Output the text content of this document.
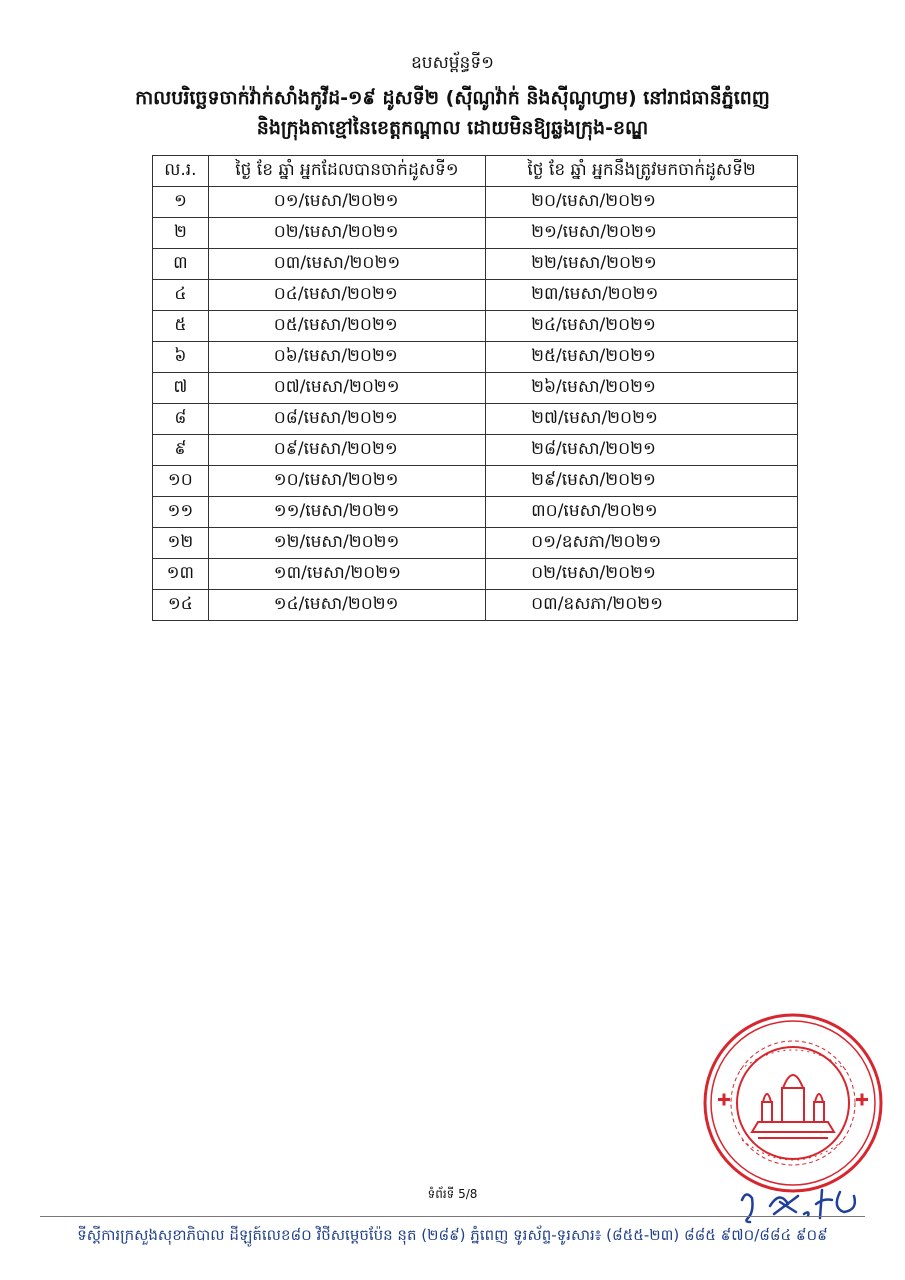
ឧបសម្ព័ន្ធទី១
កាលបរិច្ឆេទចាក់វ៉ាក់សាំងកូវីដ-១៩ ដូសទី២ (ស៊ីណូវ៉ាក់ និងស៊ីណូហ្វាម) នៅរាជធានីភ្នំពេញ
និងក្រុងតាខ្មៅនៃខេត្តកណ្ដាល ដោយមិនឱ្យឆ្លងក្រុង-ខណ្ឌ
ល.រ.	ថ្ងៃ ខែ ឆ្នាំ អ្នកដែលបានចាក់ដូសទី១	ថ្ងៃ ខែ ឆ្នាំ អ្នកនឹងត្រូវមកចាក់ដូសទី២
១	០១/មេសា/២០២១	២០/មេសា/២០២១
២	០២/មេសា/២០២១	២១/មេសា/២០២១
៣	០៣/មេសា/២០២១	២២/មេសា/២០២១
៤	០៤/មេសា/២០២១	២៣/មេសា/២០២១
៥	០៥/មេសា/២០២១	២៤/មេសា/២០២១
៦	០៦/មេសា/២០២១	២៥/មេសា/២០២១
៧	០៧/មេសា/២០២១	២៦/មេសា/២០២១
៨	០៨/មេសា/២០២១	២៧/មេសា/២០២១
៩	០៩/មេសា/២០២១	២៨/មេសា/២០២១
១០	១០/មេសា/២០២១	២៩/មេសា/២០២១
១១	១១/មេសា/២០២១	៣០/មេសា/២០២១
១២	១២/មេសា/២០២១	០១/ឧសភា/២០២១
១៣	១៣/មេសា/២០២១	០២/មេសា/២០២១
១៤	១៤/មេសា/២០២១	០៣/ឧសភា/២០២១
ទំព័រទី 5/8
ទីស្ដីការក្រសួងសុខាភិបាល ដីឡូត៍លេខ៨០ វិថីសម្ដេចប៉ែន នុត (២៨៩) ភ្នំពេញ ទូរស័ព្ទ-ទូរសារ៖ (៨៥៥-២៣) ៨៨៥ ៩៧០/៨៨៤ ៩០៩
